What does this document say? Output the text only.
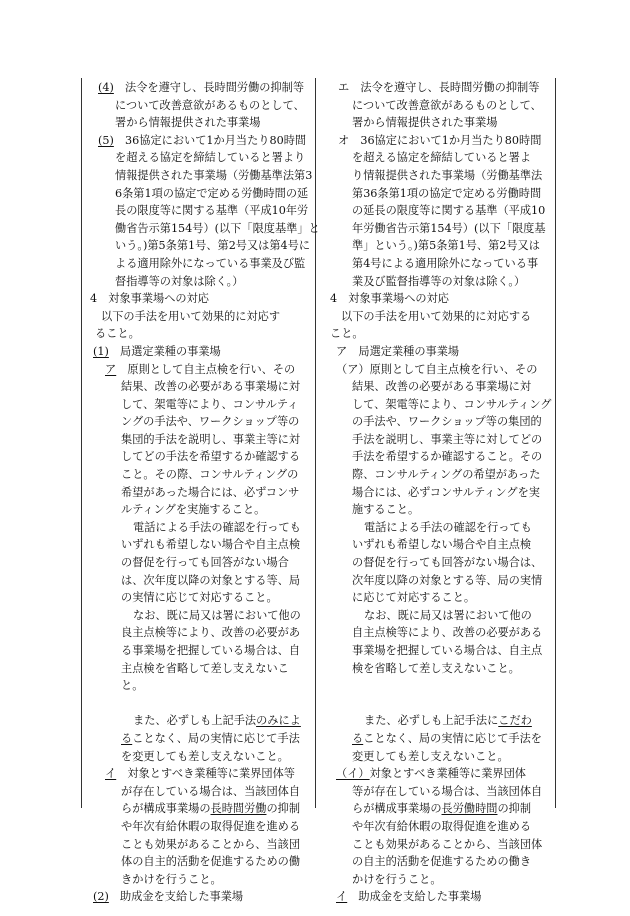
(4)　法令を遵守し、長時間労働の抑制等
について改善意欲があるものとして、
署から情報提供された事業場
(5)　36協定において1か月当たり80時間
を超える協定を締結していると署より
情報提供された事業場（労働基準法第3
6条第1項の協定で定める労働時間の延
長の限度等に関する基準（平成10年労
働省告示第154号）(以下「限度基準」と
いう。)第5条第1号、第2号又は第4号に
よる適用除外になっている事業及び監
督指導等の対象は除く。）
4　対象事業場への対応
以下の手法を用いて効果的に対応す
ること。
(1)　局選定業種の事業場
ア　原則として自主点検を行い、その
結果、改善の必要がある事業場に対
して、架電等により、コンサルティ
ングの手法や、ワークショップ等の
集団的手法を説明し、事業主等に対
してどの手法を希望するか確認する
こと。その際、コンサルティングの
希望があった場合には、必ずコンサ
ルティングを実施すること。
電話による手法の確認を行っても
いずれも希望しない場合や自主点検
の督促を行っても回答がない場合
は、次年度以降の対象とする等、局
の実情に応じて対応すること。
なお、既に局又は署において他の
良主点検等により、改善の必要があ
る事業場を把握している場合は、自
主点検を省略して差し支えないこ
と。
また、必ずしも上記手法のみによ
ることなく、局の実情に応じて手法
を変更しても差し支えないこと。
イ　対象とすべき業種等に業界団体等
が存在している場合は、当該団体自
らが構成事業場の長時間労働の抑制
や年次有給休暇の取得促進を進める
ことも効果があることから、当該団
体の自主的活動を促進するための働
きかけを行うこと。
(2)　助成金を支給した事業場
エ　法令を遵守し、長時間労働の抑制等
について改善意欲があるものとして、
署から情報提供された事業場
オ　36協定において1か月当たり80時間
を超える協定を締結していると署よ
り情報提供された事業場（労働基準法
第36条第1項の協定で定める労働時間
の延長の限度等に関する基準（平成10
年労働省告示第154号）(以下「限度基
準」という。)第5条第1号、第2号又は
第4号による適用除外になっている事
業及び監督指導等の対象は除く。）
4　対象事業場への対応
以下の手法を用いて効果的に対応する
こと。
ア　局選定業種の事業場
（ア）原則として自主点検を行い、その
結果、改善の必要がある事業場に対
して、架電等により、コンサルティング
の手法や、ワークショップ等の集団的
手法を説明し、事業主等に対してどの
手法を希望するか確認すること。その
際、コンサルティングの希望があった
場合には、必ずコンサルティングを実
施すること。
電話による手法の確認を行っても
いずれも希望しない場合や自主点検
の督促を行っても回答がない場合は、
次年度以降の対象とする等、局の実情
に応じて対応すること。
なお、既に局又は署において他の
自主点検等により、改善の必要がある
事業場を把握している場合は、自主点
検を省略して差し支えないこと。
また、必ずしも上記手法にこだわ
ることなく、局の実情に応じて手法を
変更しても差し支えないこと。
（イ）対象とすべき業種等に業界団体
等が存在している場合は、当該団体自
らが構成事業場の長労働時間の抑制
や年次有給休暇の取得促進を進める
ことも効果があることから、当該団体
の自主的活動を促進するための働き
かけを行うこと。
イ　助成金を支給した事業場
